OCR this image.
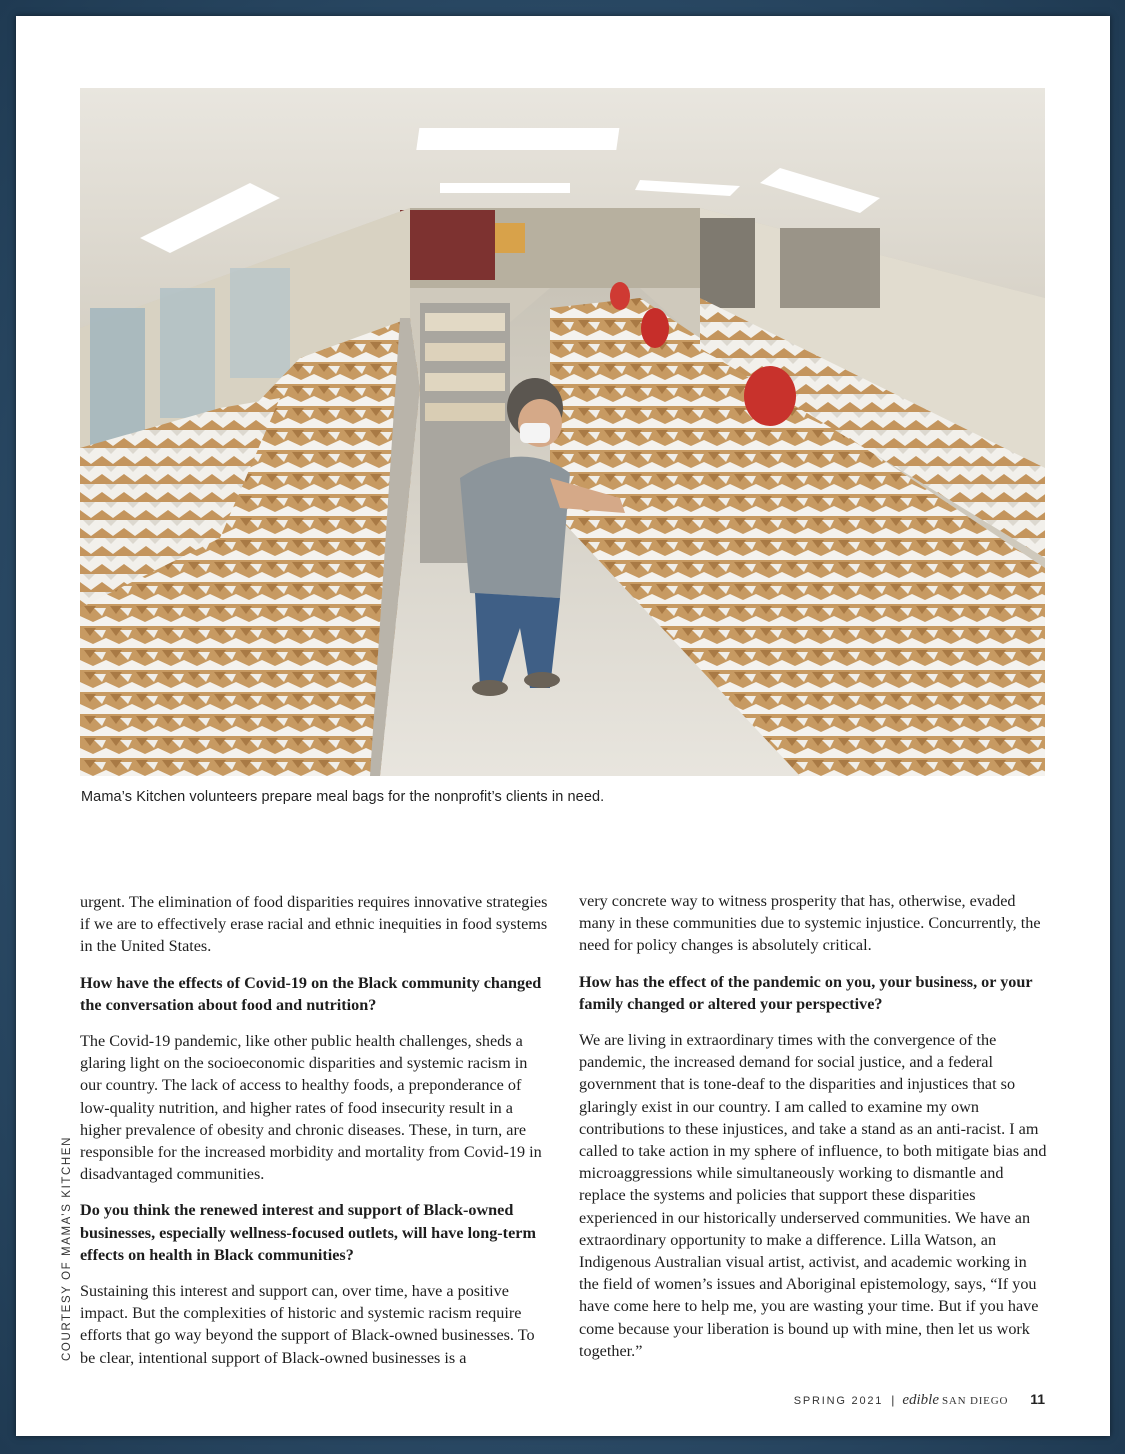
Mama’s Kitchen volunteers prepare meal bags for the nonprofit’s clients in need.
COURTESY OF MAMA’S KITCHEN

urgent. The elimination of food disparities requires innovative strategies if we are to effectively erase racial and ethnic inequities in food systems in the United States.

How have the effects of Covid-19 on the Black community changed the conversation about food and nutrition?

The Covid-19 pandemic, like other public health challenges, sheds a glaring light on the socioeconomic disparities and systemic racism in our country. The lack of access to healthy foods, a preponderance of low-quality nutrition, and higher rates of food insecurity result in a higher prevalence of obesity and chronic diseases. These, in turn, are responsible for the increased morbidity and mortality from Covid-19 in disadvantaged communities.

Do you think the renewed interest and support of Black-owned businesses, especially wellness-focused outlets, will have long-term effects on health in Black communities?

Sustaining this interest and support can, over time, have a positive impact. But the complexities of historic and systemic racism require efforts that go way beyond the support of Black-owned businesses. To be clear, intentional support of Black-owned businesses is a

very concrete way to witness prosperity that has, otherwise, evaded many in these communities due to systemic injustice. Concurrently, the need for policy changes is absolutely critical.

How has the effect of the pandemic on you, your business, or your family changed or altered your perspective?

We are living in extraordinary times with the convergence of the pandemic, the increased demand for social justice, and a federal government that is tone-deaf to the disparities and injustices that so glaringly exist in our country. I am called to examine my own contributions to these injustices, and take a stand as an anti-racist. I am called to take action in my sphere of influence, to both mitigate bias and microaggressions while simultaneously working to dismantle and replace the systems and policies that support these disparities experienced in our historically underserved communities. We have an extraordinary opportunity to make a difference. Lilla Watson, an Indigenous Australian visual artist, activist, and academic working in the field of women’s issues and Aboriginal epistemology, says, “If you have come here to help me, you are wasting your time. But if you have come because your liberation is bound up with mine, then let us work together.”

SPRING 2021 | edible SAN DIEGO 11
